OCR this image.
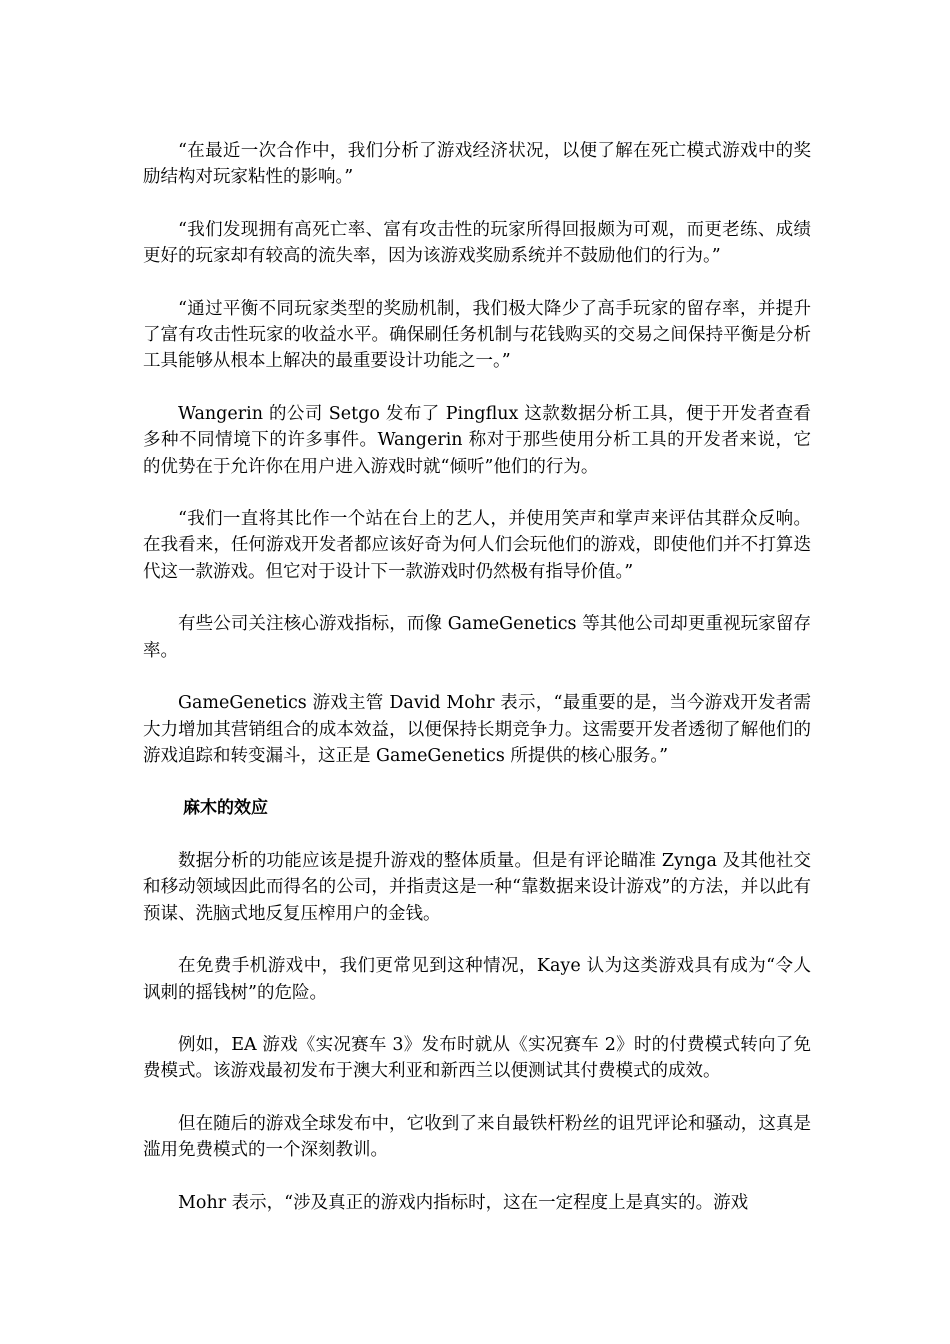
“在最近一次合作中，我们分析了游戏经济状况，以便了解在死亡模式游戏中的奖励结构对玩家粘性的影响。”

“我们发现拥有高死亡率、富有攻击性的玩家所得回报颇为可观，而更老练、成绩更好的玩家却有较高的流失率，因为该游戏奖励系统并不鼓励他们的行为。”

“通过平衡不同玩家类型的奖励机制，我们极大降少了高手玩家的留存率，并提升了富有攻击性玩家的收益水平。确保刷任务机制与花钱购买的交易之间保持平衡是分析工具能够从根本上解决的最重要设计功能之一。”

Wangerin 的公司 Setgo 发布了 Pingflux 这款数据分析工具，便于开发者查看多种不同情境下的许多事件。Wangerin 称对于那些使用分析工具的开发者来说，它的优势在于允许你在用户进入游戏时就“倾听”他们的行为。

“我们一直将其比作一个站在台上的艺人，并使用笑声和掌声来评估其群众反响。在我看来，任何游戏开发者都应该好奇为何人们会玩他们的游戏，即使他们并不打算迭代这一款游戏。但它对于设计下一款游戏时仍然极有指导价值。”

有些公司关注核心游戏指标，而像 GameGenetics 等其他公司却更重视玩家留存率。

GameGenetics 游戏主管 David Mohr 表示，“最重要的是，当今游戏开发者需大力增加其营销组合的成本效益，以便保持长期竞争力。这需要开发者透彻了解他们的游戏追踪和转变漏斗，这正是 GameGenetics 所提供的核心服务。”

麻木的效应

数据分析的功能应该是提升游戏的整体质量。但是有评论瞄准 Zynga 及其他社交和移动领域因此而得名的公司，并指责这是一种“靠数据来设计游戏”的方法，并以此有预谋、洗脑式地反复压榨用户的金钱。

在免费手机游戏中，我们更常见到这种情况，Kaye 认为这类游戏具有成为“令人讽刺的摇钱树”的危险。

例如，EA 游戏《实况赛车 3》发布时就从《实况赛车 2》时的付费模式转向了免费模式。该游戏最初发布于澳大利亚和新西兰以便测试其付费模式的成效。

但在随后的游戏全球发布中，它收到了来自最铁杆粉丝的诅咒评论和骚动，这真是滥用免费模式的一个深刻教训。

Mohr 表示，“涉及真正的游戏内指标时，这在一定程度上是真实的。游戏
